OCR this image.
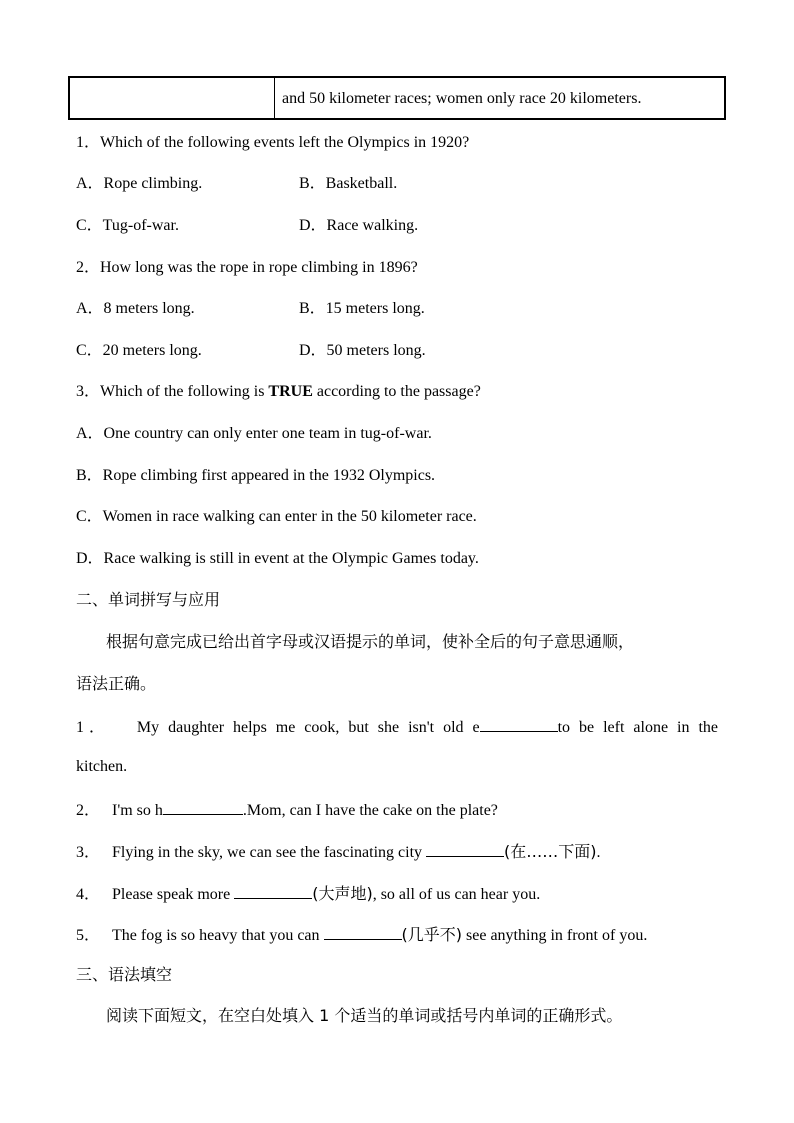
and 50 kilometer races; women only race 20 kilometers.
1．Which of the following events left the Olympics in 1920?
A．Rope climbing.	B．Basketball.
C．Tug-of-war.	D．Race walking.
2．How long was the rope in rope climbing in 1896?
A．8 meters long.	B．15 meters long.
C．20 meters long.	D．50 meters long.
3．Which of the following is TRUE according to the passage?
A．One country can only enter one team in tug-of-war.
B．Rope climbing first appeared in the 1932 Olympics.
C．Women in race walking can enter in the 50 kilometer race.
D．Race walking is still in event at the Olympic Games today.
二、单词拼写与应用
根据句意完成已给出首字母或汉语提示的单词，使补全后的句子意思通顺，
语法正确。
1． My daughter helps me cook, but she isn't old e	to be left alone in the
kitchen.
2． I'm so h	.Mom, can I have the cake on the plate?
3． Flying in the sky, we can see the fascinating city	(在……下面).
4． Please speak more	(大声地), so all of us can hear you.
5． The fog is so heavy that you can	(几乎不) see anything in front of you.
三、语法填空
阅读下面短文，在空白处填入 1 个适当的单词或括号内单词的正确形式。
